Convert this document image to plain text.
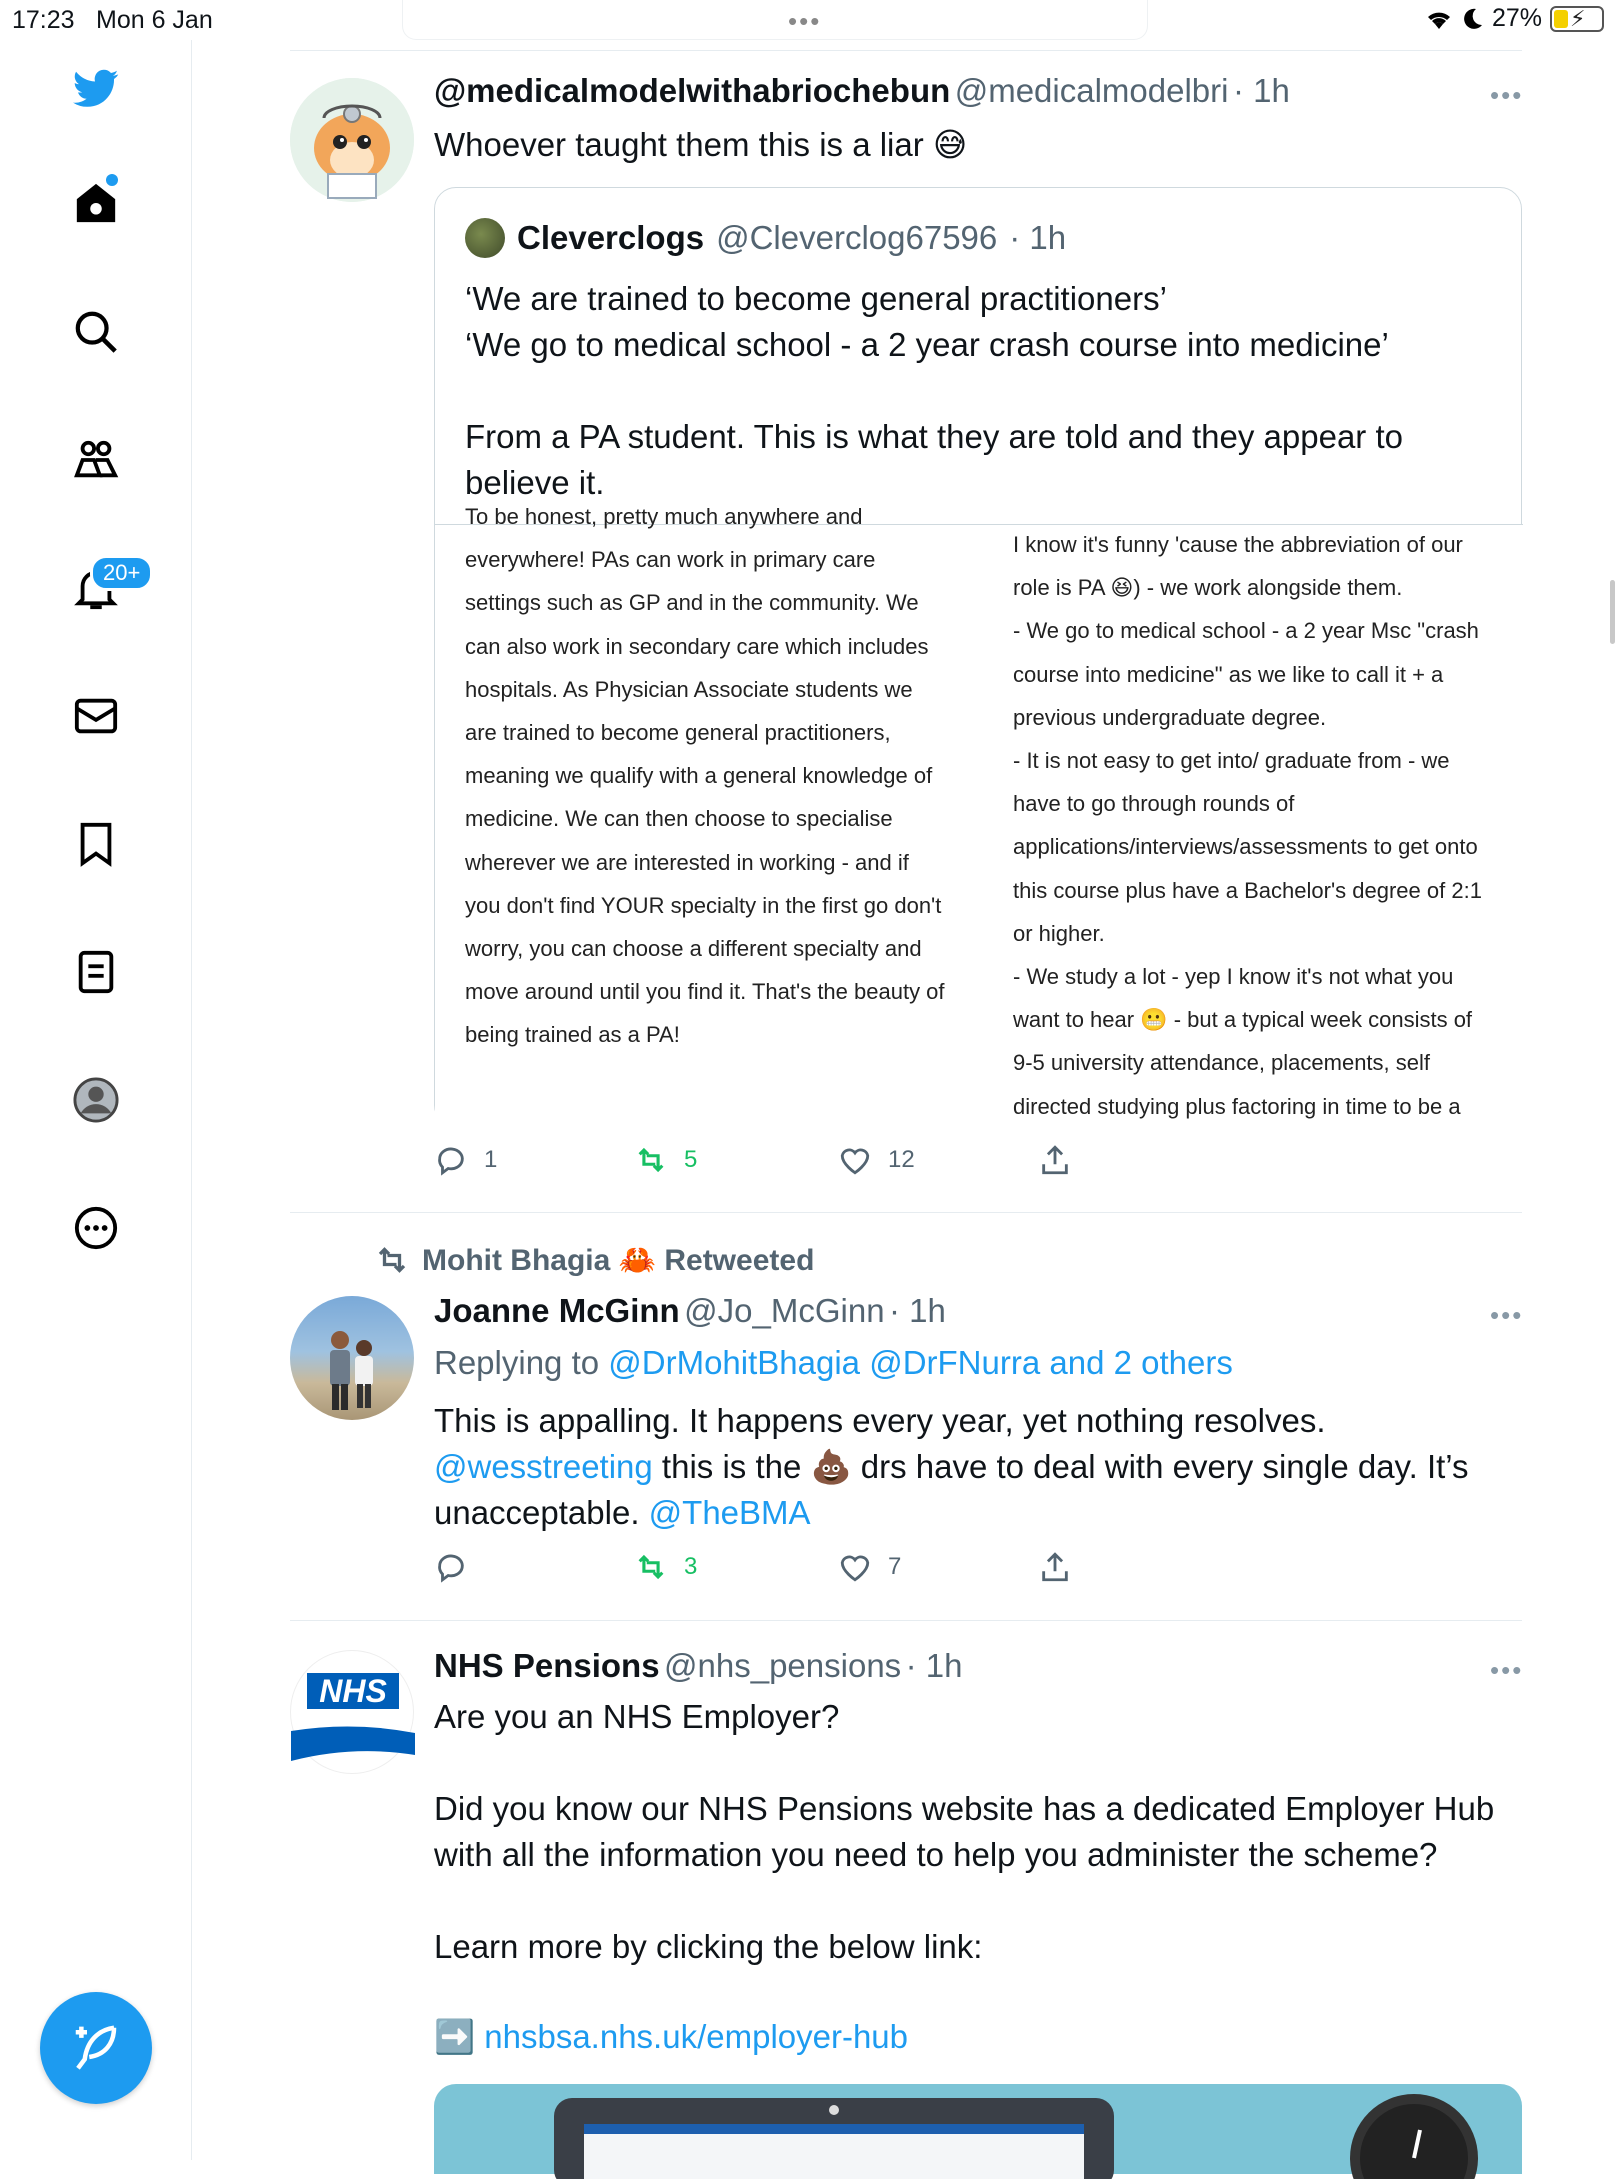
17:23 Mon 6 Jan	•••	27% ⚡
20+
@medicalmodelwithabriochebun @medicalmodelbri · 1h	•••
Whoever taught them this is a liar 😅
Cleverclogs @Cleverclog67596 · 1h
‘We are trained to become general practitioners’
‘We go to medical school - a 2 year crash course into medicine’

From a PA student. This is what they are told and they appear to believe it.
To be honest, pretty much anywhere and
everywhere! PAs can work in primary care
settings such as GP and in the community. We
can also work in secondary care which includes
hospitals. As Physician Associate students we
are trained to become general practitioners,
meaning we qualify with a general knowledge of
medicine. We can then choose to specialise
wherever we are interested in working - and if
you don't find YOUR specialty in the first go don't
worry, you can choose a different specialty and
move around until you find it. That's the beauty of
being trained as a PA!
I know it's funny 'cause the abbreviation of our
role is PA 😆) - we work alongside them.
- We go to medical school - a 2 year Msc "crash
course into medicine" as we like to call it + a
previous undergraduate degree.
- It is not easy to get into/ graduate from - we
have to go through rounds of
applications/interviews/assessments to get onto
this course plus have a Bachelor's degree of 2:1
or higher.
- We study a lot - yep I know it's not what you
want to hear 😬 - but a typical week consists of
9-5 university attendance, placements, self
directed studying plus factoring in time to be a
1	5	12
Mohit Bhagia 🦀 Retweeted
Joanne McGinn @Jo_McGinn · 1h	•••
Replying to @DrMohitBhagia @DrFNurra and 2 others
This is appalling. It happens every year, yet nothing resolves.
@wesstreeting this is the 💩 drs have to deal with every single day. It’s
unacceptable. @TheBMA
3	7
NHS
NHS Pensions @nhs_pensions · 1h	•••
Are you an NHS Employer?

Did you know our NHS Pensions website has a dedicated Employer Hub with all the information you need to help you administer the scheme?

Learn more by clicking the below link:
➡️ nhsbsa.nhs.uk/employer-hub
